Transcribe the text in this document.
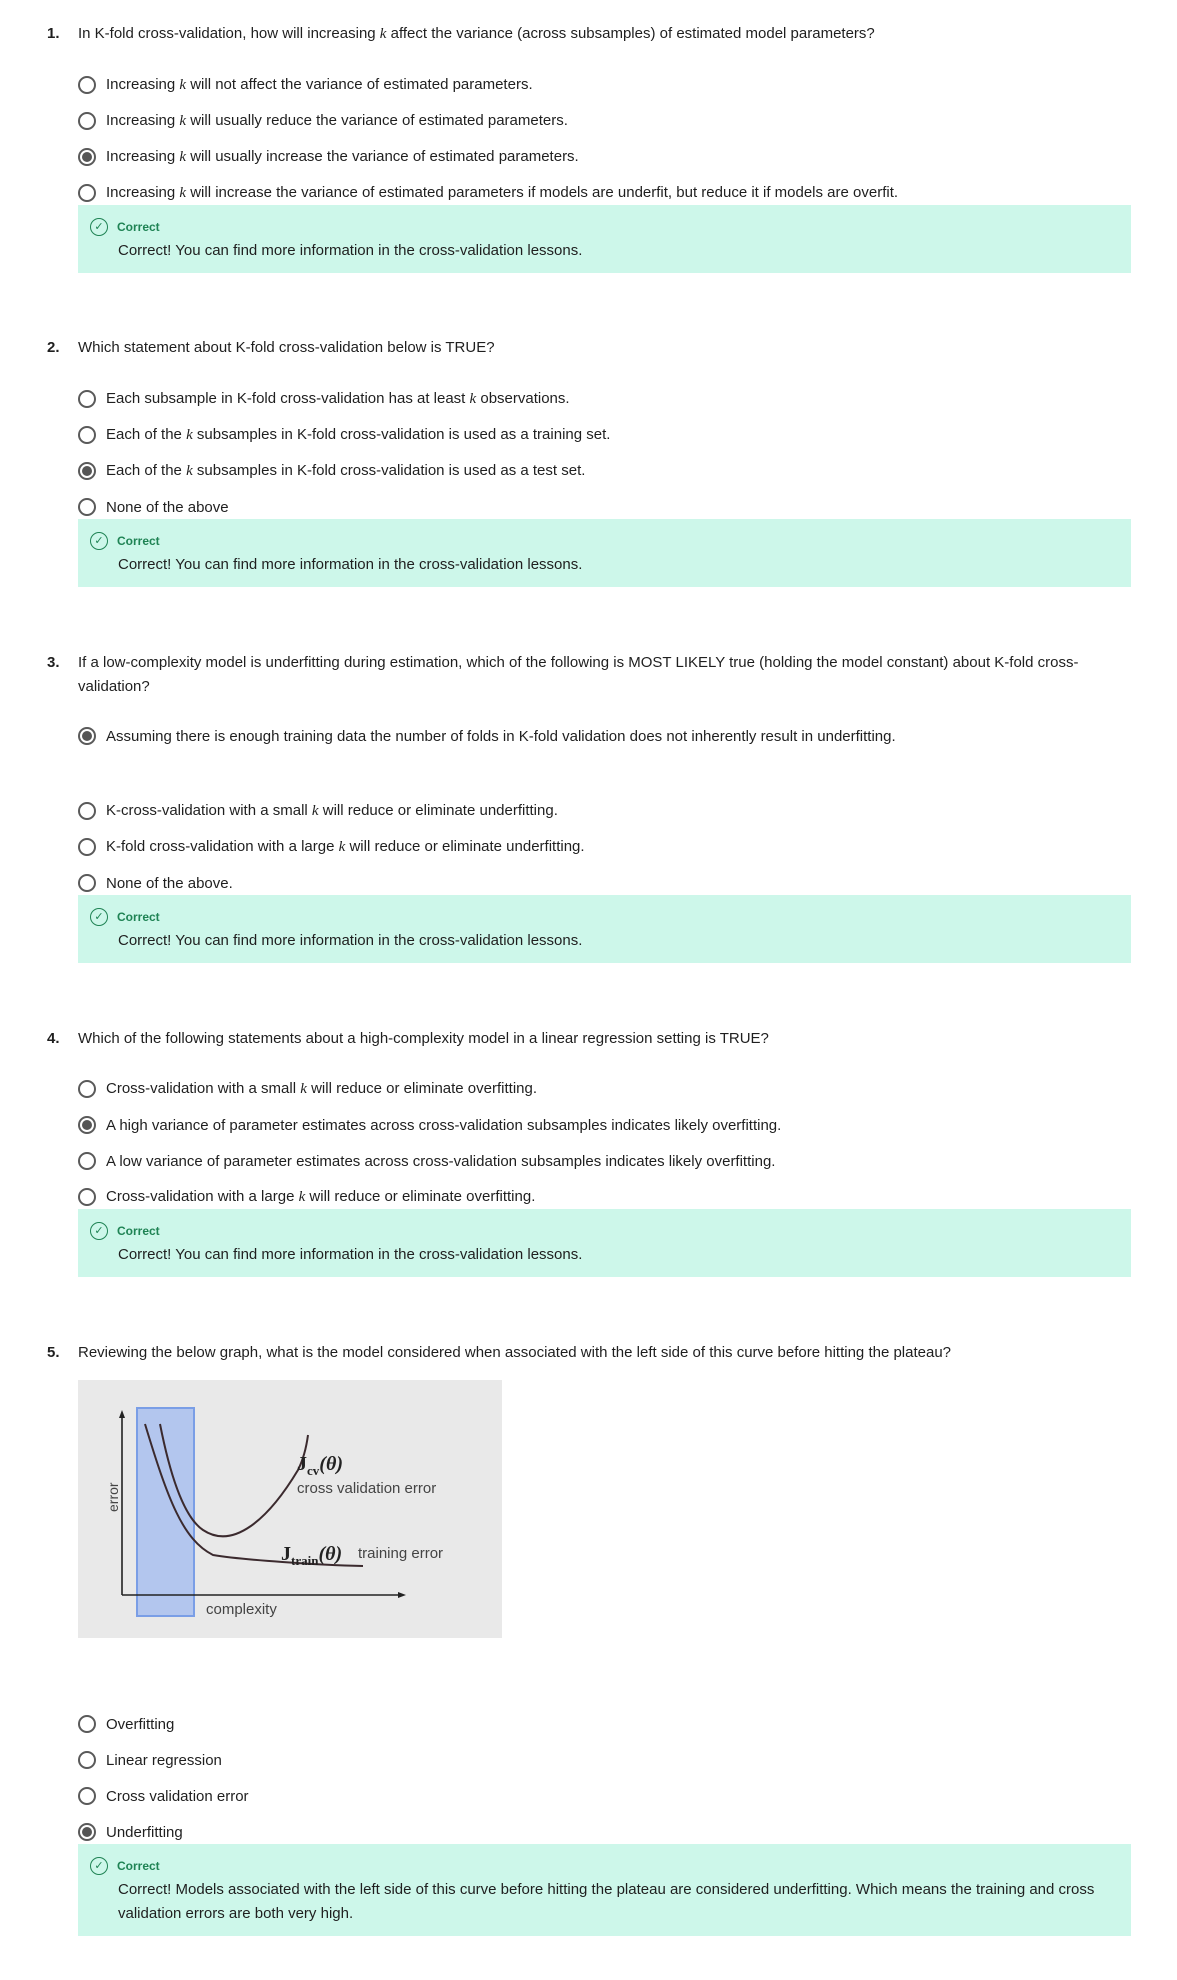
1. In K-fold cross-validation, how will increasing k affect the variance (across subsamples) of estimated model parameters?
2. Which statement about K-fold cross-validation below is TRUE?
3. If a low-complexity model is underfitting during estimation, which of the following is MOST LIKELY true (holding the model constant) about K-fold cross-validation?
4. Which of the following statements about a high-complexity model in a linear regression setting is TRUE?
5. Reviewing the below graph, what is the model considered when associated with the left side of this curve before hitting the plateau?
Increasing k will not affect the variance of estimated parameters.
Increasing k will usually reduce the variance of estimated parameters.
Increasing k will usually increase the variance of estimated parameters.
Increasing k will increase the variance of estimated parameters if models are underfit, but reduce it if models are overfit.
✓	Correct
Correct! You can find more information in the cross-validation lessons.
Each subsample in K-fold cross-validation has at least k observations.
Each of the k subsamples in K-fold cross-validation is used as a training set.
Each of the k subsamples in K-fold cross-validation is used as a test set.
None of the above
✓	Correct
Correct! You can find more information in the cross-validation lessons.
Assuming there is enough training data the number of folds in K-fold validation does not inherently result in underfitting.
K-cross-validation with a small k will reduce or eliminate underfitting.
K-fold cross-validation with a large k will reduce or eliminate underfitting.
None of the above.
✓	Correct
Correct! You can find more information in the cross-validation lessons.
Cross-validation with a small k will reduce or eliminate overfitting.
A high variance of parameter estimates across cross-validation subsamples indicates likely overfitting.
A low variance of parameter estimates across cross-validation subsamples indicates likely overfitting.
Cross-validation with a large k will reduce or eliminate overfitting.
✓	Correct
Correct! You can find more information in the cross-validation lessons.
Overfitting
Linear regression
Cross validation error
Underfitting
✓	Correct
Correct! Models associated with the left side of this curve before hitting the plateau are considered underfitting. Which means the training and cross validation errors are both very high.
error
complexity
$J_{cv}(\theta)$
cross validation error
$J_{train}(\theta)$ training error
